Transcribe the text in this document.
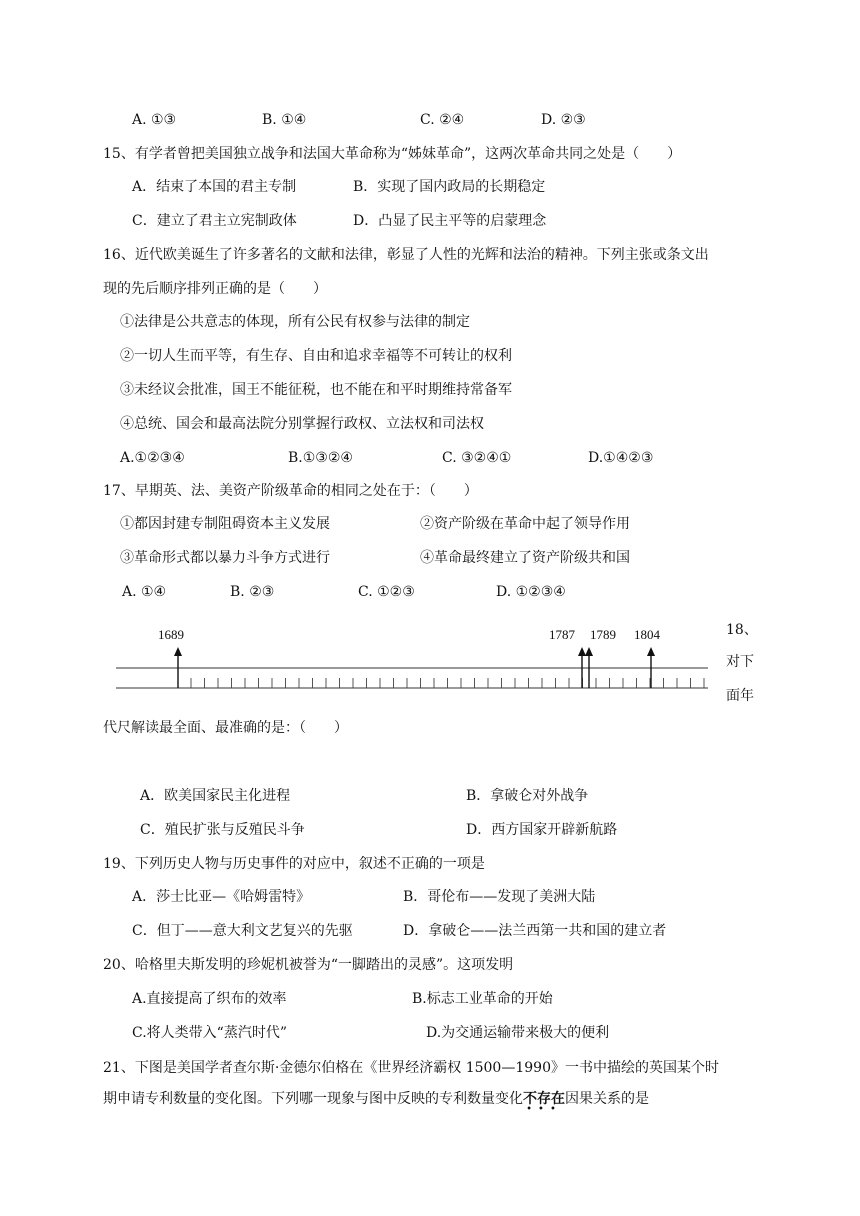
A. ①③	B. ①④	C. ②④	D. ②③
15、有学者曾把美国独立战争和法国大革命称为“姊妹革命”，这两次革命共同之处是（　　）
A．结束了本国的君主专制	B．实现了国内政局的长期稳定
C．建立了君主立宪制政体	D．凸显了民主平等的启蒙理念
16、近代欧美诞生了许多著名的文献和法律，彰显了人性的光辉和法治的精神。下列主张或条文出
现的先后顺序排列正确的是（　　）
①法律是公共意志的体现，所有公民有权参与法律的制定
②一切人生而平等，有生存、自由和追求幸福等不可转让的权利
③未经议会批准，国王不能征税，也不能在和平时期维持常备军
④总统、国会和最高法院分别掌握行政权、立法权和司法权
A.①②③④	B.①③②④	C. ③②④①	D.①④②③
17、早期英、法、美资产阶级革命的相同之处在于：（　　）
①都因封建专制阻碍资本主义发展	②资产阶级在革命中起了领导作用
③革命形式都以暴力斗争方式进行	④革命最终建立了资产阶级共和国
A. ①④	B. ②③	C. ①②③	D. ①②③④
1689	1787 1789 1804	18、
对下
面年
代尺解读最全面、最准确的是：（　　）
A．欧美国家民主化进程	B．拿破仑对外战争
C．殖民扩张与反殖民斗争	D．西方国家开辟新航路
19、下列历史人物与历史事件的对应中，叙述不正确的一项是
A．莎士比亚—《哈姆雷特》	B．哥伦布——发现了美洲大陆
C．但丁——意大利文艺复兴的先驱	D．拿破仑——法兰西第一共和国的建立者
20、哈格里夫斯发明的珍妮机被誉为“一脚踏出的灵感”。这项发明
A.直接提高了织布的效率	B.标志工业革命的开始
C.将人类带入“蒸汽时代”	D.为交通运输带来极大的便利
21、下图是美国学者查尔斯·金德尔伯格在《世界经济霸权 1500—1990》一书中描绘的英国某个时
期申请专利数量的变化图。下列哪一现象与图中反映的专利数量变化不存在
•••
因果关系的是
